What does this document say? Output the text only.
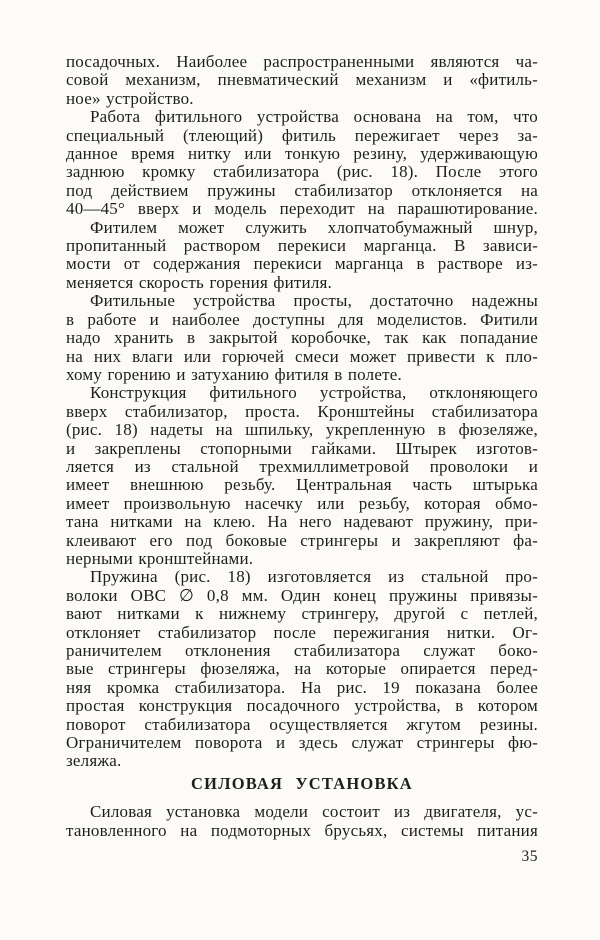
посадочных. Наиболее распространенными являются ча-
совой механизм, пневматический механизм и «фитиль-
ное» устройство.
Работа фитильного устройства основана на том, что
специальный (тлеющий) фитиль пережигает через за-
данное время нитку или тонкую резину, удерживающую
заднюю кромку стабилизатора (рис. 18). После этого
под действием пружины стабилизатор отклоняется на
40—45° вверх и модель переходит на парашютирование.
Фитилем может служить хлопчатобумажный шнур,
пропитанный раствором перекиси марганца. В зависи-
мости от содержания перекиси марганца в растворе из-
меняется скорость горения фитиля.
Фитильные устройства просты, достаточно надежны
в работе и наиболее доступны для моделистов. Фитили
надо хранить в закрытой коробочке, так как попадание
на них влаги или горючей смеси может привести к пло-
хому горению и затуханию фитиля в полете.
Конструкция фитильного устройства, отклоняющего
вверх стабилизатор, проста. Кронштейны стабилизатора
(рис. 18) надеты на шпильку, укрепленную в фюзеляже,
и закреплены стопорными гайками. Штырек изготов-
ляется из стальной трехмиллиметровой проволоки и
имеет внешнюю резьбу. Центральная часть штырька
имеет произвольную насечку или резьбу, которая обмо-
тана нитками на клею. На него надевают пружину, при-
клеивают его под боковые стрингеры и закрепляют фа-
нерными кронштейнами.
Пружина (рис. 18) изготовляется из стальной про-
волоки ОВС ∅ 0,8 мм. Один конец пружины привязы-
вают нитками к нижнему стрингеру, другой с петлей,
отклоняет стабилизатор после пережигания нитки. Ог-
раничителем отклонения стабилизатора служат боко-
вые стрингеры фюзеляжа, на которые опирается перед-
няя кромка стабилизатора. На рис. 19 показана более
простая конструкция посадочного устройства, в котором
поворот стабилизатора осуществляется жгутом резины.
Ограничителем поворота и здесь служат стрингеры фю-
зеляжа.
СИЛОВАЯ УСТАНОВКА
Силовая установка модели состоит из двигателя, ус-
тановленного на подмоторных брусьях, системы питания
35
